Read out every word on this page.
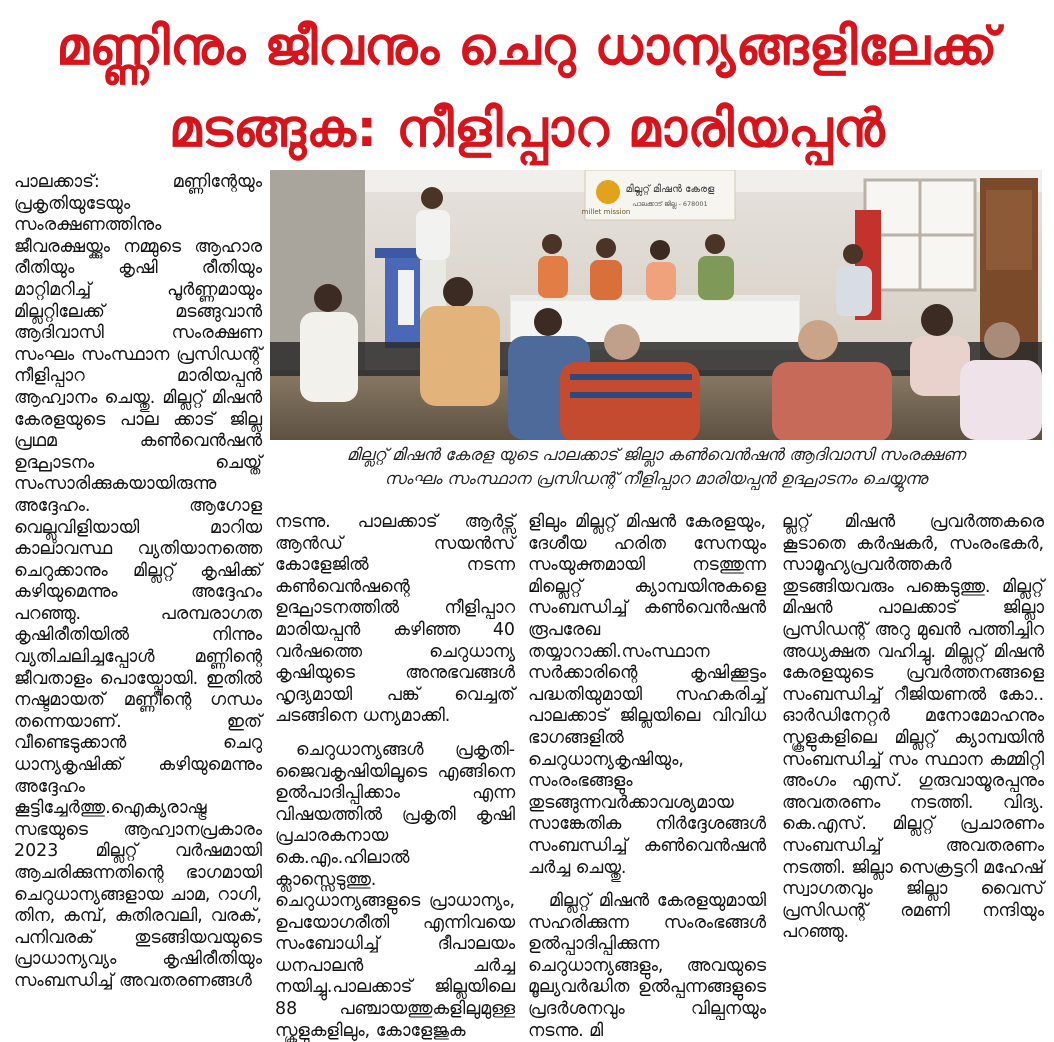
മണ്ണിനും ജീവനും ചെറു ധാന്യങ്ങളിലേക്ക്
മടങ്ങുക: നീളിപ്പാറ മാരിയപ്പൻ

പാലക്കാട്: മണ്ണിന്റേയും പ്രകൃതിയുടേയും സംരക്ഷണത്തിനും ജീവരക്ഷയ്ക്കും നമ്മുടെ ആഹാര രീതിയും കൃഷി രീതിയും മാറ്റിമറിച്ച് പൂർണ്ണമായും മില്ലറ്റിലേക്ക് മടങ്ങുവാൻ ആദിവാസി സംരക്ഷണ സംഘം സംസ്ഥാന പ്രസിഡന്റ് നീളിപ്പാറ മാരിയപ്പൻ ആഹ്വാനം ചെയ്തു. മില്ലറ്റ് മിഷൻ കേരളയുടെ പാല ക്കാട് ജില്ല പ്രഥമ കൺവെൻഷൻ ഉദ്ഘാടനം ചെയ്ത് സംസാരിക്കുകയായിരുന്നു അദ്ദേഹം. ആഗോള വെല്ലുവിളിയായി മാറിയ കാലാവസ്ഥ വ്യതിയാനത്തെ ചെറുക്കാനും മില്ലറ്റ് കൃഷിക്ക് കഴിയുമെന്നും അദ്ദേഹം പറഞ്ഞു. പരമ്പരാഗത കൃഷിരീതിയിൽ നിന്നും വ്യതിചലിച്ചപ്പോൾ മണ്ണിന്റെ ജീവതാളം പൊയ്പ്പോയി. ഇതിൽ നഷ്ടമായത് മണ്ണിന്റെ ഗന്ധം തന്നെയാണ്. ഇത് വീണ്ടെടുക്കാൻ ചെറു ധാന്യകൃഷിക്ക് കഴിയുമെന്നും അദ്ദേഹം കൂട്ടിച്ചേർത്തു.ഐക്യരാഷ്ട്ര സഭയുടെ ആഹ്വാനപ്രകാരം 2023 മില്ലറ്റ് വർഷമായി ആചരിക്കുന്നതിന്റെ ഭാഗമായി ചെറുധാന്യങ്ങളായ ചാമ, റാഗി, തിന, കമ്പ്, കുതിരവലി, വരക്, പനിവരക് തുടങ്ങിയവയുടെ പ്രാധാന്യവ്യം കൃഷിരീതിയും സംബന്ധിച്ച് അവതരണങ്ങൾ

millet mission
മില്ലറ്റ് മിഷൻ കേരള
പാലക്കാട് ജില്ല - 678001
മില്ലറ്റ് മിഷൻ കേരള യുടെ പാലക്കാട് ജില്ലാ കൺവെൻഷൻ ആദിവാസി സംരക്ഷണ
സംഘം സംസ്ഥാന പ്രസിഡന്റ് നീളിപ്പാറ മാരിയപ്പൻ ഉദ്ഘാടനം ചെയ്യുന്നു

നടന്നു. പാലക്കാട് ആർട്സ് ആൻഡ് സയൻസ് കോളേജിൽ നടന്ന കൺവെൻഷന്റെ ഉദ്ഘാടനത്തിൽ നീളിപ്പാറ മാരിയപ്പൻ കഴിഞ്ഞ 40 വർഷത്തെ ചെറുധാന്യ കൃഷിയുടെ അനുഭവങ്ങൾ ഹൃദ്യമായി പങ്ക് വെച്ചത് ചടങ്ങിനെ ധന്യമാക്കി.

ചെറുധാന്യങ്ങൾ പ്രകൃതി-ജൈവകൃഷിയിലൂടെ എങ്ങിനെ ഉൽപാദിപ്പിക്കാം എന്ന വിഷയത്തിൽ പ്രകൃതി കൃഷി പ്രചാരകനായ കെ.എം.ഹിലാൽ ക്ലാസ്സെടുത്തു. ചെറുധാന്യങ്ങളുടെ പ്രാധാന്യം, ഉപയോഗരീതി എന്നിവയെ സംബോധിച്ച് ദീപാലയം ധനപാലൻ ചർച്ച നയിച്ചു.പാലക്കാട് ജില്ലയിലെ 88 പഞ്ചായത്തുകളിലുമുള്ള സ്കൂളുകളിലും, കോളേജുക

ളിലും മില്ലറ്റ് മിഷൻ കേരളയും, ദേശീയ ഹരിത സേനയും സംയുക്തമായി നടത്തുന്ന മില്ലെറ്റ് ക്യാമ്പയിനുകളെ സംബന്ധിച്ച് കൺവെൻഷൻ രൂപരേഖ തയ്യാറാക്കി.സംസ്ഥാന സർക്കാരിന്റെ കൃഷിക്കൂട്ടം പദ്ധതിയുമായി സഹകരിച്ച് പാലക്കാട് ജില്ലയിലെ വിവിധ ഭാഗങ്ങളിൽ ചെറുധാന്യകൃഷിയും, സംരംഭങ്ങളും തുടങ്ങുന്നവർക്കാവശ്യമായ സാങ്കേതിക നിർദ്ദേശങ്ങൾ സംബന്ധിച്ച് കൺവെൻഷൻ ചർച്ച ചെയ്തു.

മില്ലറ്റ് മിഷൻ കേരളയുമായി സഹരിക്കുന്ന സംരംഭങ്ങൾ ഉൽപ്പാദിപ്പിക്കുന്ന ചെറുധാന്യങ്ങളും, അവയുടെ മൂല്യവർദ്ധിത ഉൽപ്പന്നങ്ങളുടെ പ്രദർശനവും വില്പനയും നടന്നു. മി

ല്ലറ്റ് മിഷൻ പ്രവർത്തകരെ കൂടാതെ കർഷകർ, സംരംഭകർ, സാമൂഹ്യപ്രവർത്തകർ തുടങ്ങിയവരും പങ്കെടുത്തു. മില്ലറ്റ് മിഷൻ പാലക്കാട് ജില്ലാ പ്രസിഡന്റ് അറു മുഖൻ പത്തിച്ചിറ അധ്യക്ഷത വഹിച്ചു. മില്ലറ്റ് മിഷൻ കേരളയുടെ പ്രവർത്തനങ്ങളെ സംബന്ധിച്ച് റീജിയണൽ കോ.. ഓർഡിനേറ്റർ മനോമോഹനും സ്കൂളുകളിലെ മില്ലറ്റ് ക്യാമ്പയിൻ സംബന്ധിച്ച് സം സ്ഥാന കമ്മിറ്റി അംഗം എസ്. ഗുരുവായൂരപ്പനും അവതരണം നടത്തി. വിദ്യ. കെ.എസ്. മില്ലറ്റ് പ്രചാരണം സംബന്ധിച്ച് അവതരണം നടത്തി. ജില്ലാ സെക്രട്ടറി മഹേഷ് സ്വാഗതവും ജില്ലാ വൈസ് പ്രസിഡന്റ് രമണി നന്ദിയും പറഞ്ഞു.
